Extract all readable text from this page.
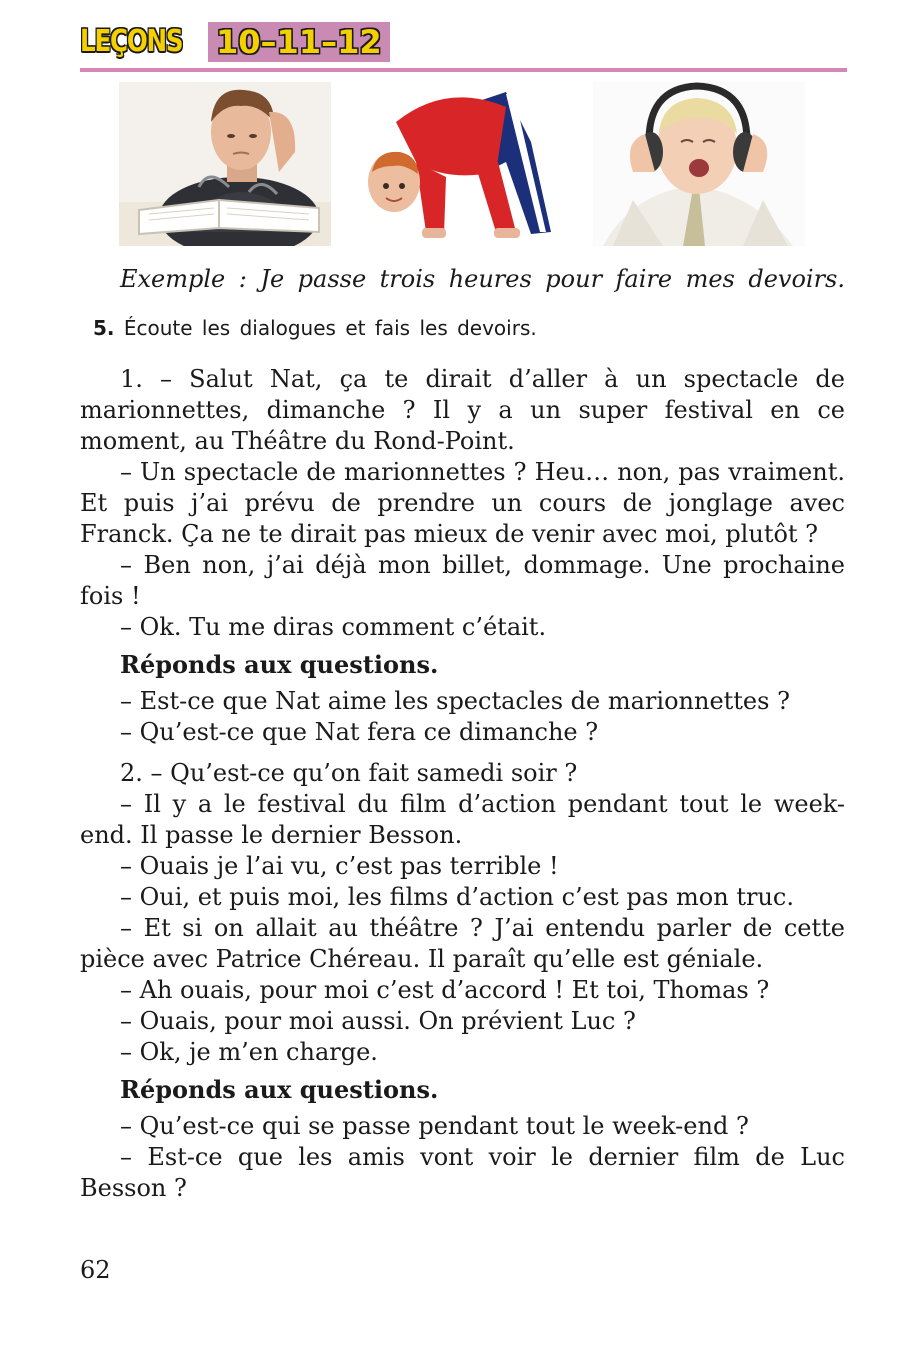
LEÇONS 10–11–12
Exemple : Je passe trois heures pour faire mes devoirs.
5. Écoute les dialogues et fais les devoirs.

1. – Salut Nat, ça te dirait d’aller à un spectacle de marionnettes, dimanche ? Il y a un super festival en ce moment, au Théâtre du Rond-Point.

– Un spectacle de marionnettes ? Heu… non, pas vraiment. Et puis j’ai prévu de prendre un cours de jonglage avec Franck. Ça ne te dirait pas mieux de venir avec moi, plutôt ?

– Ben non, j’ai déjà mon billet, dommage. Une prochaine fois !

– Ok. Tu me diras comment c’était.

Réponds aux questions.

– Est-ce que Nat aime les spectacles de marionnettes ?

– Qu’est-ce que Nat fera ce dimanche ?

2. – Qu’est-ce qu’on fait samedi soir ?

– Il y a le festival du film d’action pendant tout le week-end. Il passe le dernier Besson.

– Ouais je l’ai vu, c’est pas terrible !

– Oui, et puis moi, les films d’action c’est pas mon truc.

– Et si on allait au théâtre ? J’ai entendu parler de cette pièce avec Patrice Chéreau. Il paraît qu’elle est géniale.

– Ah ouais, pour moi c’est d’accord ! Et toi, Thomas ?

– Ouais, pour moi aussi. On prévient Luc ?

– Ok, je m’en charge.

Réponds aux questions.

– Qu’est-ce qui se passe pendant tout le week-end ?

– Est-ce que les amis vont voir le dernier film de Luc Besson ?

62
